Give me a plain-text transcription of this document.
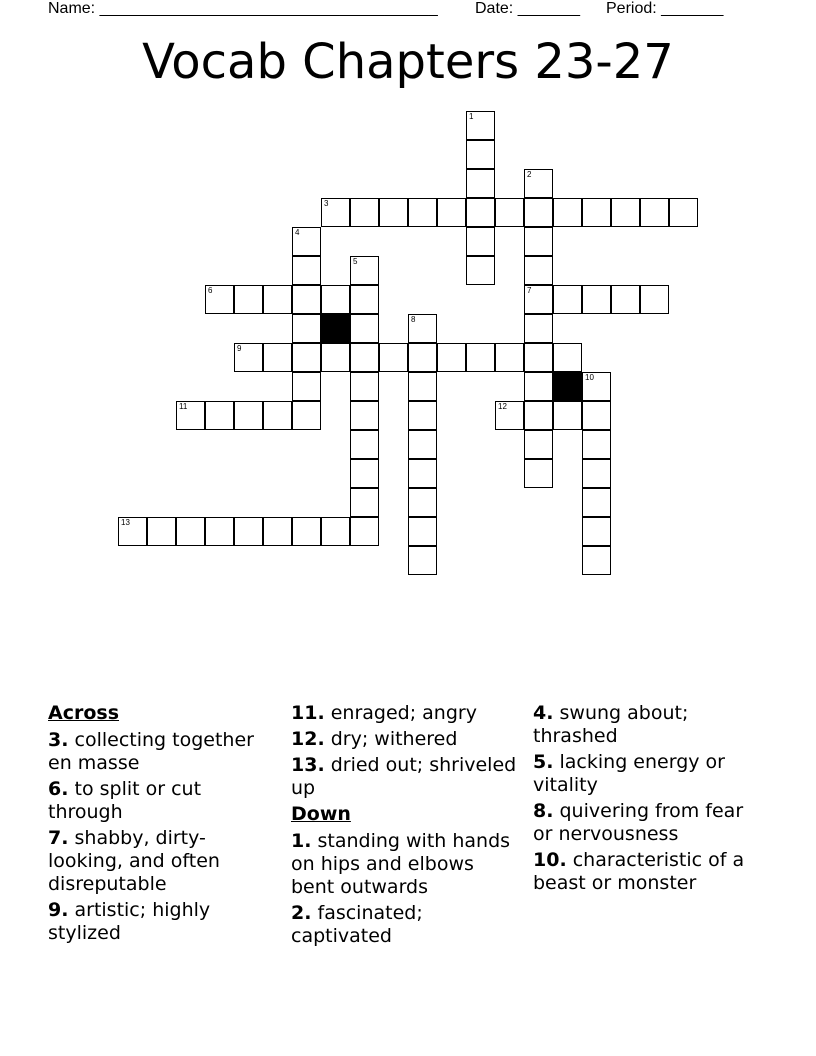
Name: ______________________________________ Date: _______ Period: _______
Vocab Chapters 23-27
1
2
7
3
4
5
6
8
9
10
11	12
13
Across
3. collecting together en masse
6. to split or cut through
7. shabby, dirty-looking, and often disreputable
9. artistic; highly stylized
11. enraged; angry
12. dry; withered
13. dried out; shriveled up
Down
1. standing with hands on hips and elbows bent outwards
2. fascinated; captivated
4. swung about; thrashed
5. lacking energy or vitality
8. quivering from fear or nervousness
10. characteristic of a beast or monster
